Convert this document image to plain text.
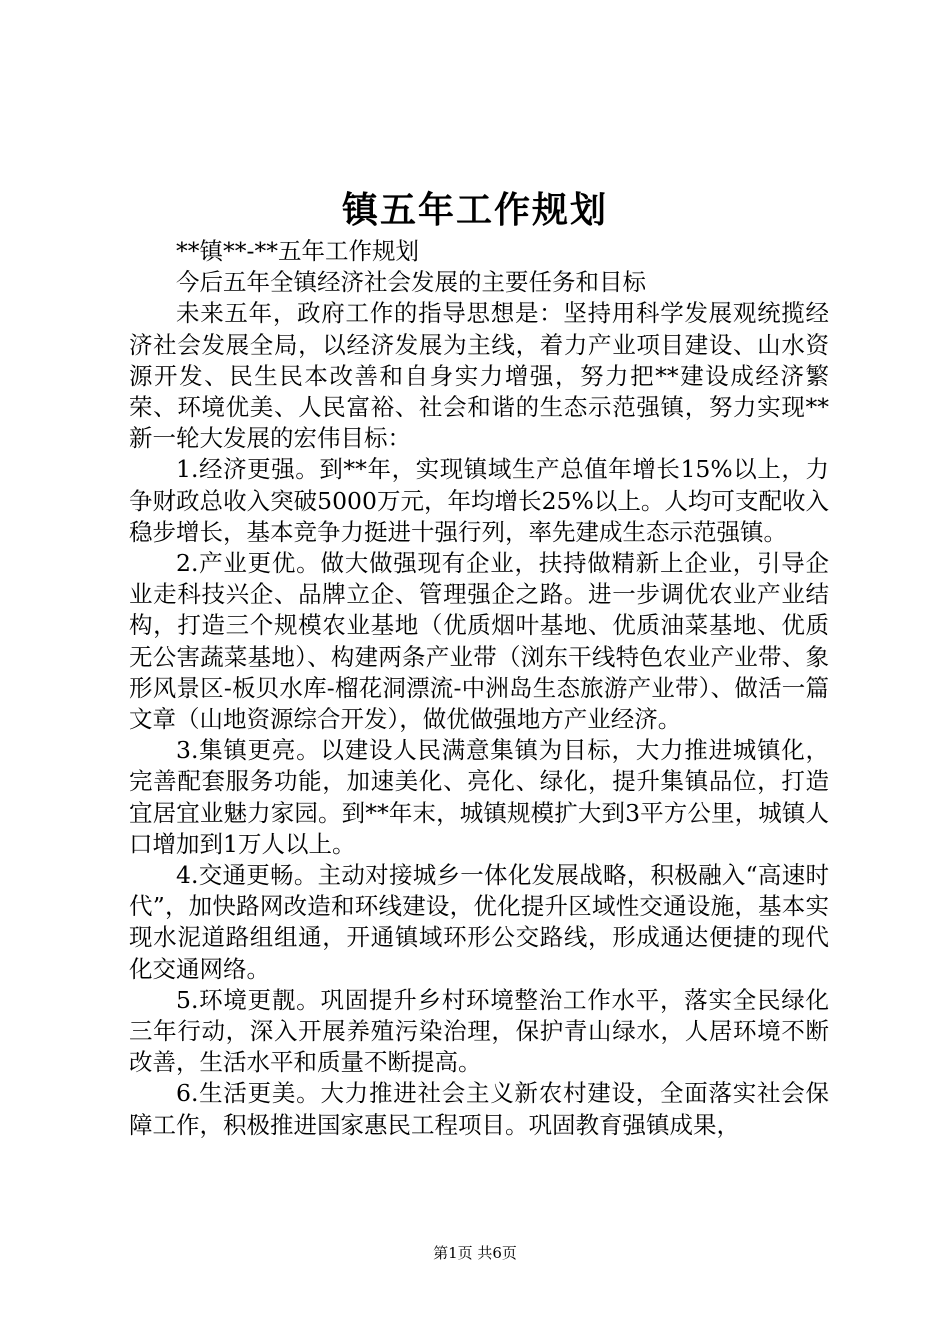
镇五年工作规划

**镇**-**五年工作规划

今后五年全镇经济社会发展的主要任务和目标

未来五年，政府工作的指导思想是：坚持用科学发展观统揽经济社会发展全局，以经济发展为主线，着力产业项目建设、山水资源开发、民生民本改善和自身实力增强，努力把**建设成经济繁荣、环境优美、人民富裕、社会和谐的生态示范强镇，努力实现**新一轮大发展的宏伟目标：

1.经济更强。到**年，实现镇域生产总值年增长15%以上，力争财政总收入突破5000万元，年均增长25%以上。人均可支配收入稳步增长，基本竞争力挺进十强行列，率先建成生态示范强镇。

2.产业更优。做大做强现有企业，扶持做精新上企业，引导企业走科技兴企、品牌立企、管理强企之路。进一步调优农业产业结构，打造三个规模农业基地（优质烟叶基地、优质油菜基地、优质无公害蔬菜基地）、构建两条产业带（浏东干线特色农业产业带、象形风景区-板贝水库-榴花洞漂流-中洲岛生态旅游产业带）、做活一篇文章（山地资源综合开发），做优做强地方产业经济。

3.集镇更亮。以建设人民满意集镇为目标，大力推进城镇化，完善配套服务功能，加速美化、亮化、绿化，提升集镇品位，打造宜居宜业魅力家园。到**年末，城镇规模扩大到3平方公里，城镇人口增加到1万人以上。

4.交通更畅。主动对接城乡一体化发展战略，积极融入“高速时代”，加快路网改造和环线建设，优化提升区域性交通设施，基本实现水泥道路组组通，开通镇域环形公交路线，形成通达便捷的现代化交通网络。

5.环境更靓。巩固提升乡村环境整治工作水平，落实全民绿化三年行动，深入开展养殖污染治理，保护青山绿水，人居环境不断改善，生活水平和质量不断提高。

6.生活更美。大力推进社会主义新农村建设，全面落实社会保障工作，积极推进国家惠民工程项目。巩固教育强镇成果，

第1页 共6页
